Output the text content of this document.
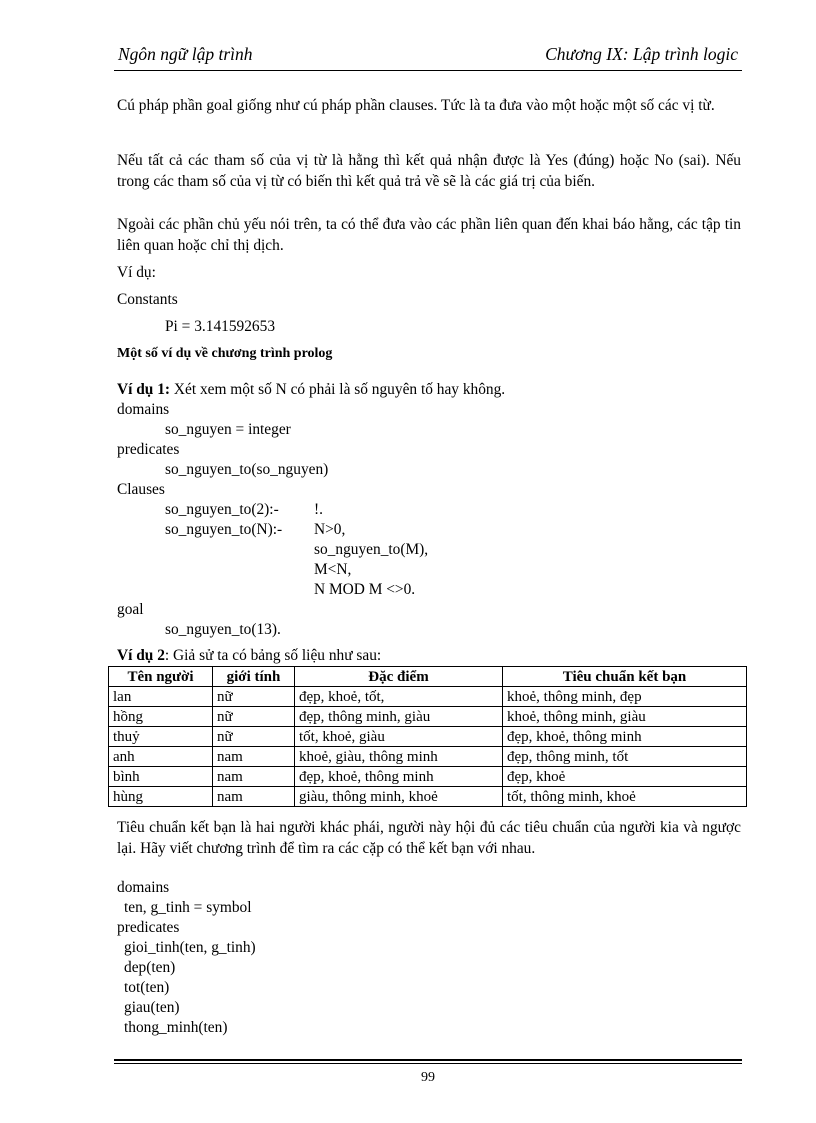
Ngôn ngữ lập trình	Chương IX: Lập trình logic

Cú pháp phần goal giống như cú pháp phần clauses. Tức là ta đưa vào một hoặc một số các vị từ.

Nếu tất cả các tham số của vị từ là hằng thì kết quả nhận được là Yes (đúng) hoặc No (sai). Nếu trong các tham số của vị từ có biến thì kết quả trả về sẽ là các giá trị của biến.

Ngoài các phần chủ yếu nói trên, ta có thể đưa vào các phần liên quan đến khai báo hằng, các tập tin liên quan hoặc chỉ thị dịch.

Ví dụ:

Constants

Pi = 3.141592653

Một số ví dụ về chương trình prolog

Ví dụ 1: Xét xem một số N có phải là số nguyên tố hay không.

domains

so_nguyen = integer

predicates

so_nguyen_to(so_nguyen)

Clauses

so_nguyen_to(2):- !.

so_nguyen_to(N):- N>0,

so_nguyen_to(M),

M<N,

N MOD M <>0.

goal

so_nguyen_to(13).

Ví dụ 2: Giả sử ta có bảng số liệu như sau:

Tên người	giới tính	Đặc điểm	Tiêu chuẩn kết bạn
lan	nữ	đẹp, khoẻ, tốt,	khoẻ, thông minh, đẹp
hồng	nữ	đẹp, thông minh, giàu	khoẻ, thông minh, giàu
thuỷ	nữ	tốt, khoẻ, giàu	đẹp, khoẻ, thông minh
anh	nam	khoẻ, giàu, thông minh	đẹp, thông minh, tốt
bình	nam	đẹp, khoẻ, thông minh	đẹp, khoẻ
hùng	nam	giàu, thông minh, khoẻ	tốt, thông minh, khoẻ

Tiêu chuẩn kết bạn là hai người khác phái, người này hội đủ các tiêu chuẩn của người kia và ngược lại. Hãy viết chương trình để tìm ra các cặp có thể kết bạn với nhau.

domains

ten, g_tinh = symbol

predicates

gioi_tinh(ten, g_tinh)

dep(ten)

tot(ten)

giau(ten)

thong_minh(ten)

99
